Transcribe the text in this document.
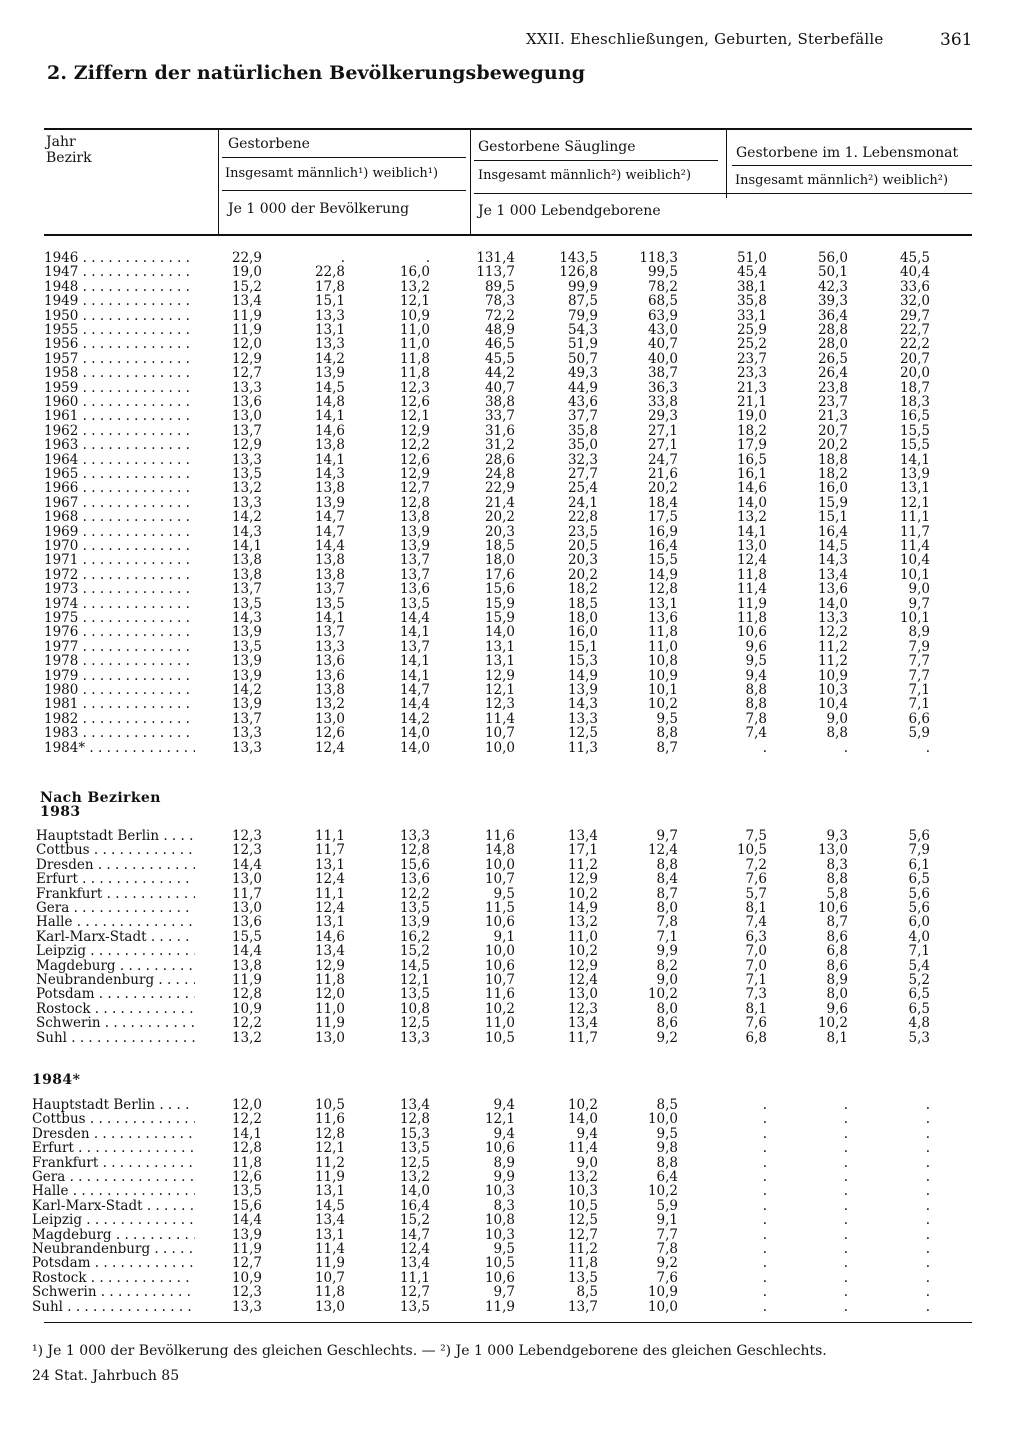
XXII. Eheschließungen, Geburten, Sterbefälle	361
2. Ziffern der natürlichen Bevölkerungsbewegung
Jahr
Bezirk
Gestorbene
Insgesamt männlich¹) weiblich¹)
Je 1 000 der Bevölkerung
Gestorbene Säuglinge
Insgesamt männlich²) weiblich²)
Je 1 000 Lebendgeborene
Gestorbene im 1. Lebensmonat
Insgesamt männlich²) weiblich²)
1946 . . .	22,9	.	.	131,4	143,5	118,3	51,0	56,0	45,5
1947 . . .	19,0	22,8	16,0	113,7	126,8	99,5	45,4	50,1	40,4
1948 . . .	15,2	17,8	13,2	89,5	99,9	78,2	38,1	42,3	33,6
1949 . . .	13,4	15,1	12,1	78,3	87,5	68,5	35,8	39,3	32,0
1950 . . .	11,9	13,3	10,9	72,2	79,9	63,9	33,1	36,4	29,7
1955 . . .	11,9	13,1	11,0	48,9	54,3	43,0	25,9	28,8	22,7
1956 . . .	12,0	13,3	11,0	46,5	51,9	40,7	25,2	28,0	22,2
1957 . . .	12,9	14,2	11,8	45,5	50,7	40,0	23,7	26,5	20,7
1958 . . .	12,7	13,9	11,8	44,2	49,3	38,7	23,3	26,4	20,0
1959 . . .	13,3	14,5	12,3	40,7	44,9	36,3	21,3	23,8	18,7
1960 . . .	13,6	14,8	12,6	38,8	43,6	33,8	21,1	23,7	18,3
1961 . . .	13,0	14,1	12,1	33,7	37,7	29,3	19,0	21,3	16,5
1962 . . .	13,7	14,6	12,9	31,6	35,8	27,1	18,2	20,7	15,5
1963 . . .	12,9	13,8	12,2	31,2	35,0	27,1	17,9	20,2	15,5
1964 . . .	13,3	14,1	12,6	28,6	32,3	24,7	16,5	18,8	14,1
1965 . . .	13,5	14,3	12,9	24,8	27,7	21,6	16,1	18,2	13,9
1966 . . .	13,2	13,8	12,7	22,9	25,4	20,2	14,6	16,0	13,1
1967 . . .	13,3	13,9	12,8	21,4	24,1	18,4	14,0	15,9	12,1
1968 . . .	14,2	14,7	13,8	20,2	22,8	17,5	13,2	15,1	11,1
1969 . . .	14,3	14,7	13,9	20,3	23,5	16,9	14,1	16,4	11,7
1970 . . .	14,1	14,4	13,9	18,5	20,5	16,4	13,0	14,5	11,4
1971 . . .	13,8	13,8	13,7	18,0	20,3	15,5	12,4	14,3	10,4
1972 . . .	13,8	13,8	13,7	17,6	20,2	14,9	11,8	13,4	10,1
1973 . . .	13,7	13,7	13,6	15,6	18,2	12,8	11,4	13,6	9,0
1974 . . .	13,5	13,5	13,5	15,9	18,5	13,1	11,9	14,0	9,7
1975 . . .	14,3	14,1	14,4	15,9	18,0	13,6	11,8	13,3	10,1
1976 . . .	13,9	13,7	14,1	14,0	16,0	11,8	10,6	12,2	8,9
1977 . . .	13,5	13,3	13,7	13,1	15,1	11,0	9,6	11,2	7,9
1978 . . .	13,9	13,6	14,1	13,1	15,3	10,8	9,5	11,2	7,7
1979 . . .	13,9	13,6	14,1	12,9	14,9	10,9	9,4	10,9	7,7
1980 . . .	14,2	13,8	14,7	12,1	13,9	10,1	8,8	10,3	7,1
1981 . . .	13,9	13,2	14,4	12,3	14,3	10,2	8,8	10,4	7,1
1982 . . .	13,7	13,0	14,2	11,4	13,3	9,5	7,8	9,0	6,6
1983 . . .	13,3	12,6	14,0	10,7	12,5	8,8	7,4	8,8	5,9
1984* . . .	13,3	12,4	14,0	10,0	11,3	8,7	.	.	.
Nach Bezirken
1983
Hauptstadt Berlin . . .	12,3	11,1	13,3	11,6	13,4	9,7	7,5	9,3	5,6
Cottbus . . .	12,3	11,7	12,8	14,8	17,1	12,4	10,5	13,0	7,9
Dresden . . .	14,4	13,1	15,6	10,0	11,2	8,8	7,2	8,3	6,1
Erfurt . . .	13,0	12,4	13,6	10,7	12,9	8,4	7,6	8,8	6,5
Frankfurt . . .	11,7	11,1	12,2	9,5	10,2	8,7	5,7	5,8	5,6
Gera . . .	13,0	12,4	13,5	11,5	14,9	8,0	8,1	10,6	5,6
Halle . . .	13,6	13,1	13,9	10,6	13,2	7,8	7,4	8,7	6,0
Karl-Marx-Stadt . . .	15,5	14,6	16,2	9,1	11,0	7,1	6,3	8,6	4,0
Leipzig . . .	14,4	13,4	15,2	10,0	10,2	9,9	7,0	6,8	7,1
Magdeburg . . .	13,8	12,9	14,5	10,6	12,9	8,2	7,0	8,6	5,4
Neubrandenburg . . .	11,9	11,8	12,1	10,7	12,4	9,0	7,1	8,9	5,2
Potsdam . . .	12,8	12,0	13,5	11,6	13,0	10,2	7,3	8,0	6,5
Rostock . . .	10,9	11,0	10,8	10,2	12,3	8,0	8,1	9,6	6,5
Schwerin . . .	12,2	11,9	12,5	11,0	13,4	8,6	7,6	10,2	4,8
Suhl . . .	13,2	13,0	13,3	10,5	11,7	9,2	6,8	8,1	5,3
1984*
Hauptstadt Berlin . . .	12,0	10,5	13,4	9,4	10,2	8,5	.	.	.
Cottbus . . .	12,2	11,6	12,8	12,1	14,0	10,0	.	.	.
Dresden . . .	14,1	12,8	15,3	9,4	9,4	9,5	.	.	.
Erfurt . . .	12,8	12,1	13,5	10,6	11,4	9,8	.	.	.
Frankfurt . . .	11,8	11,2	12,5	8,9	9,0	8,8	.	.	.
Gera . . .	12,6	11,9	13,2	9,9	13,2	6,4	.	.	.
Halle . . .	13,5	13,1	14,0	10,3	10,3	10,2	.	.	.
Karl-Marx-Stadt . . .	15,6	14,5	16,4	8,3	10,5	5,9	.	.	.
Leipzig . . .	14,4	13,4	15,2	10,8	12,5	9,1	.	.	.
Magdeburg . . .	13,9	13,1	14,7	10,3	12,7	7,7	.	.	.
Neubrandenburg . . .	11,9	11,4	12,4	9,5	11,2	7,8	.	.	.
Potsdam . . .	12,7	11,9	13,4	10,5	11,8	9,2	.	.	.
Rostock . . .	10,9	10,7	11,1	10,6	13,5	7,6	.	.	.
Schwerin . . .	12,3	11,8	12,7	9,7	8,5	10,9	.	.	.
Suhl . . .	13,3	13,0	13,5	11,9	13,7	10,0	.	.	.
¹) Je 1 000 der Bevölkerung des gleichen Geschlechts. — ²) Je 1 000 Lebendgeborene des gleichen Geschlechts.
24 Stat. Jahrbuch 85
